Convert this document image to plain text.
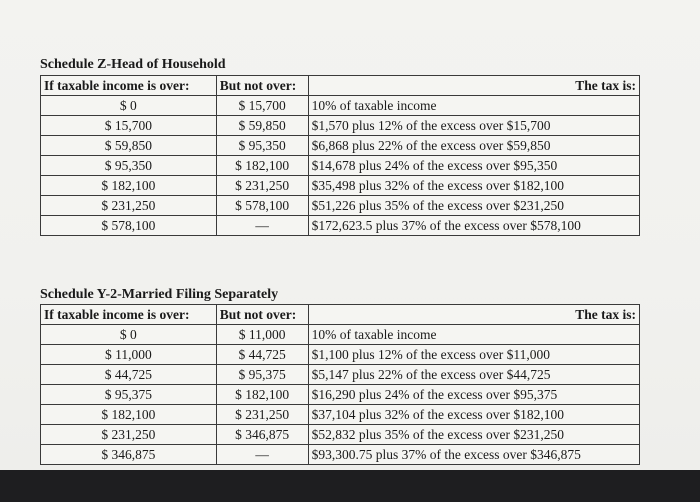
Schedule Z-Head of Household
If taxable income is over:	But not over:	The tax is:
$ 0	$ 15,700	10% of taxable income
$ 15,700	$ 59,850	$1,570 plus 12% of the excess over $15,700
$ 59,850	$ 95,350	$6,868 plus 22% of the excess over $59,850
$ 95,350	$ 182,100	$14,678 plus 24% of the excess over $95,350
$ 182,100	$ 231,250	$35,498 plus 32% of the excess over $182,100
$ 231,250	$ 578,100	$51,226 plus 35% of the excess over $231,250
$ 578,100	—	$172,623.5 plus 37% of the excess over $578,100
Schedule Y-2-Married Filing Separately
If taxable income is over:	But not over:	The tax is:
$ 0	$ 11,000	10% of taxable income
$ 11,000	$ 44,725	$1,100 plus 12% of the excess over $11,000
$ 44,725	$ 95,375	$5,147 plus 22% of the excess over $44,725
$ 95,375	$ 182,100	$16,290 plus 24% of the excess over $95,375
$ 182,100	$ 231,250	$37,104 plus 32% of the excess over $182,100
$ 231,250	$ 346,875	$52,832 plus 35% of the excess over $231,250
$ 346,875	—	$93,300.75 plus 37% of the excess over $346,875
